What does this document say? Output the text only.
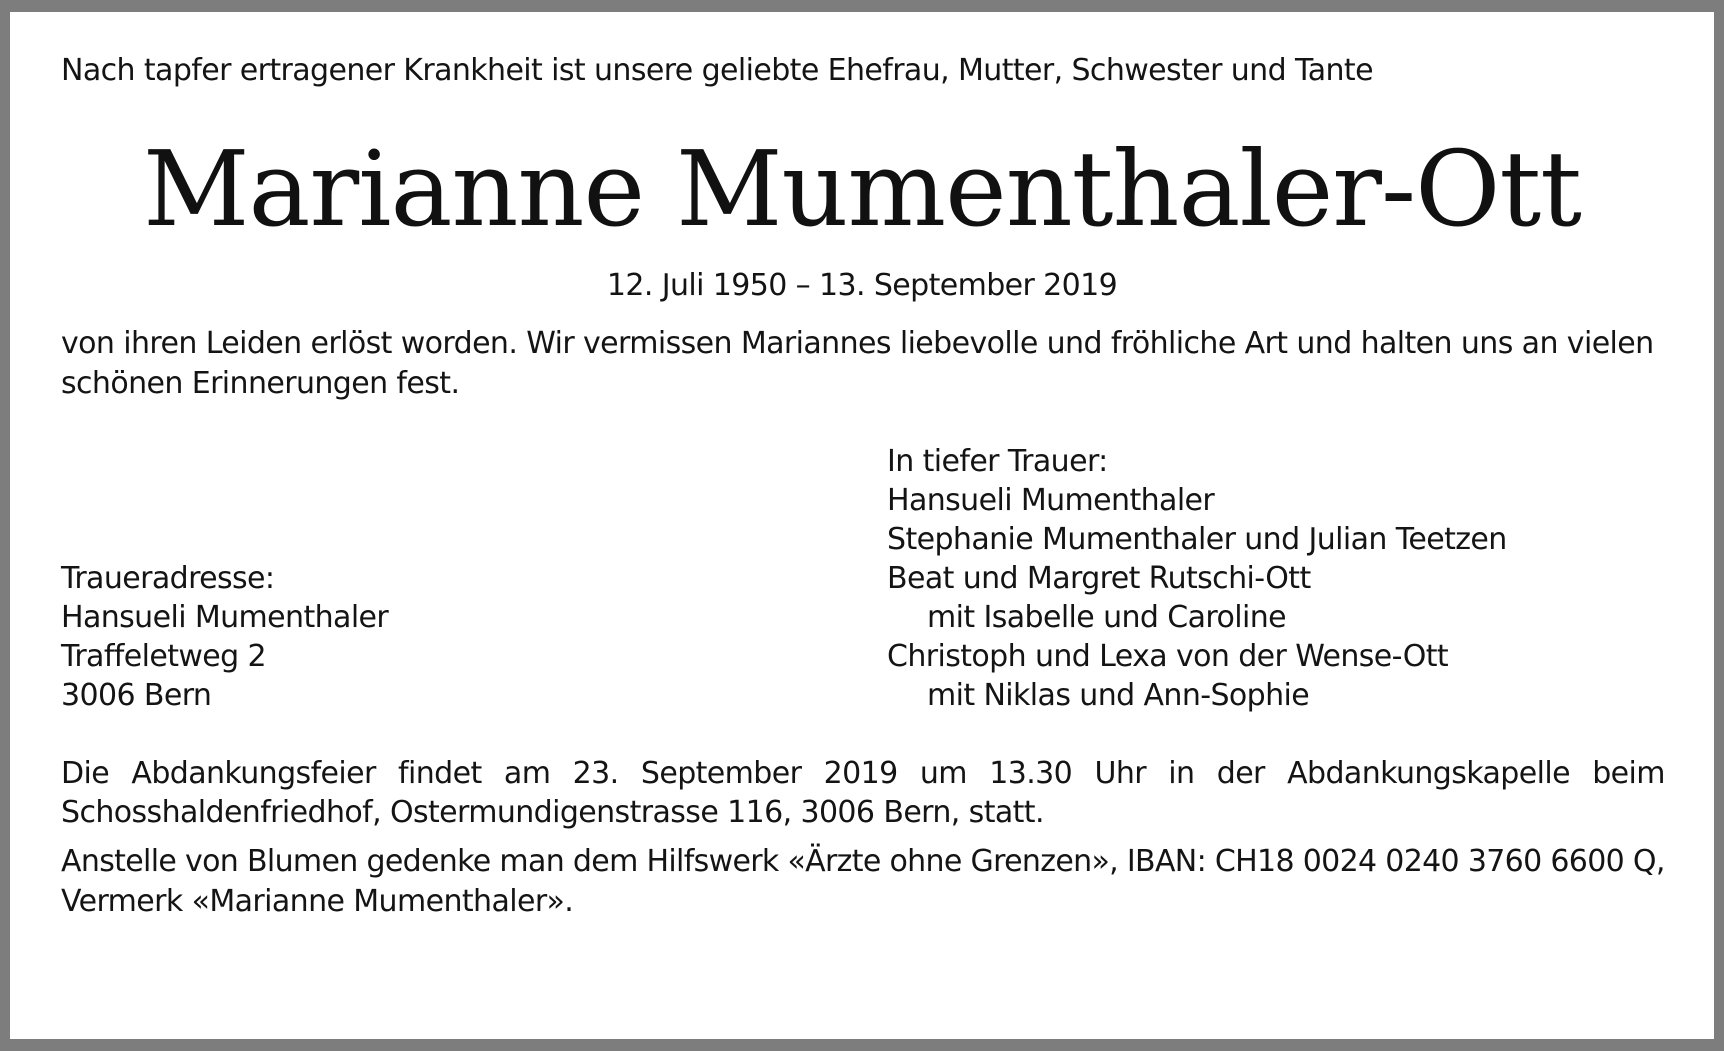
Nach tapfer ertragener Krankheit ist unsere geliebte Ehefrau, Mutter, Schwester und Tante

Marianne Mumenthaler-Ott
12. Juli 1950 – 13. September 2019

von ihren Leiden erlöst worden. Wir vermissen Mariannes liebevolle und fröhliche Art und halten uns an vielen

schönen Erinnerungen fest.

In tiefer Trauer:

Hansueli Mumenthaler

Stephanie Mumenthaler und Julian Teetzen

Beat und Margret Rutschi-Ott

mit Isabelle und Caroline

Christoph und Lexa von der Wense-Ott

mit Niklas und Ann-Sophie

Traueradresse:

Hansueli Mumenthaler

Traffeletweg 2

3006 Bern

Die Abdankungsfeier findet am 23. September 2019 um 13.30 Uhr in der Abdankungskapelle beim

Schosshaldenfriedhof, Ostermundigenstrasse 116, 3006 Bern, statt.

Anstelle von Blumen gedenke man dem Hilfswerk «Ärzte ohne Grenzen», IBAN: CH18 0024 0240 3760 6600 Q,

Vermerk «Marianne Mumenthaler».
